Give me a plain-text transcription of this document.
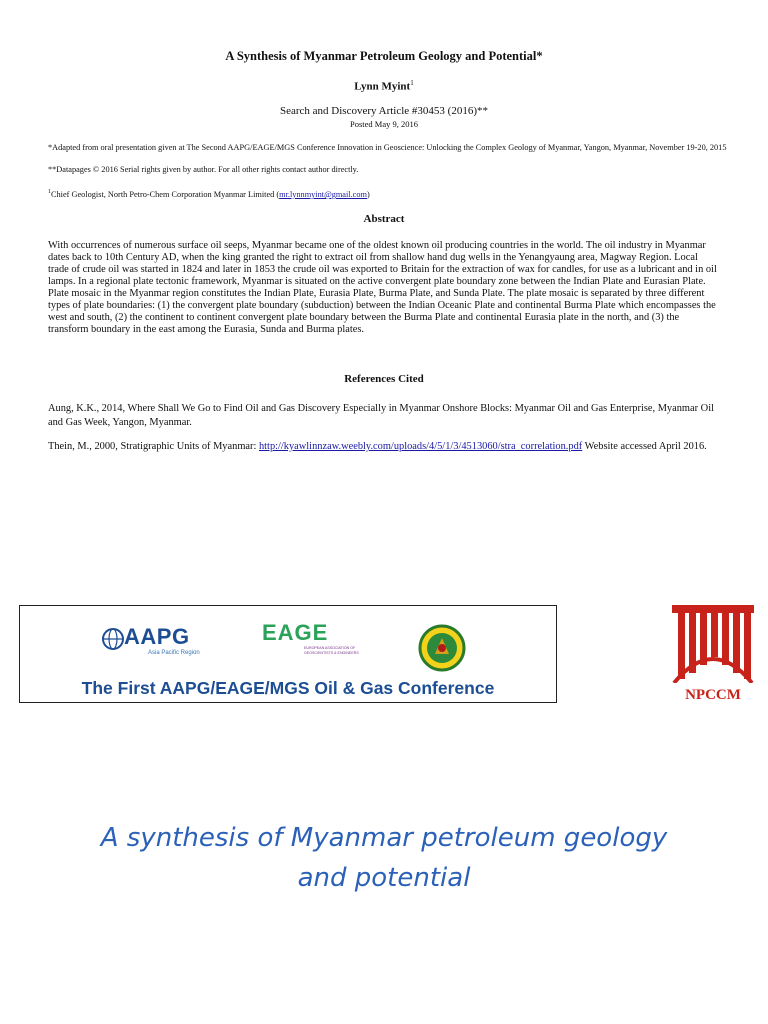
A Synthesis of Myanmar Petroleum Geology and Potential*
Lynn Myint$^1$
Search and Discovery Article #30453 (2016)**
Posted May 9, 2016
*Adapted from oral presentation given at The Second AAPG/EAGE/MGS Conference Innovation in Geoscience: Unlocking the Complex Geology of Myanmar, Yangon, Myanmar, November 19-20, 2015
**Datapages © 2016 Serial rights given by author. For all other rights contact author directly.
$^1$Chief Geologist, North Petro-Chem Corporation Myanmar Limited (mr.lynnmyint@gmail.com)
Abstract
With occurrences of numerous surface oil seeps, Myanmar became one of the oldest known oil producing countries in the world. The oil industry in Myanmar dates back to 10th Century AD, when the king granted the right to extract oil from shallow hand dug wells in the Yenangyaung area, Magway Region. Local trade of crude oil was started in 1824 and later in 1853 the crude oil was exported to Britain for the extraction of wax for candles, for use as a lubricant and in oil lamps. In a regional plate tectonic framework, Myanmar is situated on the active convergent plate boundary zone between the Indian Plate and Eurasian Plate. Plate mosaic in the Myanmar region constitutes the Indian Plate, Eurasia Plate, Burma Plate, and Sunda Plate. The plate mosaic is separated by three different types of plate boundaries: (1) the convergent plate boundary (subduction) between the Indian Oceanic Plate and continental Burma Plate which encompasses the west and south, (2) the continent to continent convergent plate boundary between the Burma Plate and continental Eurasia plate in the north, and (3) the transform boundary in the east among the Eurasia, Sunda and Burma plates.
References Cited
Aung, K.K., 2014, Where Shall We Go to Find Oil and Gas Discovery Especially in Myanmar Onshore Blocks: Myanmar Oil and Gas Enterprise, Myanmar Oil and Gas Week, Yangon, Myanmar.
Thein, M., 2000, Stratigraphic Units of Myanmar: http://kyawlinnzaw.weebly.com/uploads/4/5/1/3/4513060/stra_correlation.pdf Website accessed April 2016.
AAPG
Asia Pacific Region
EAGE
EUROPEAN ASSOCIATION OF GEOSCIENTISTS & ENGINEERS
The First AAPG/EAGE/MGS Oil & Gas Conference	NPCCM
A synthesis of Myanmar petroleum geology
and potential
